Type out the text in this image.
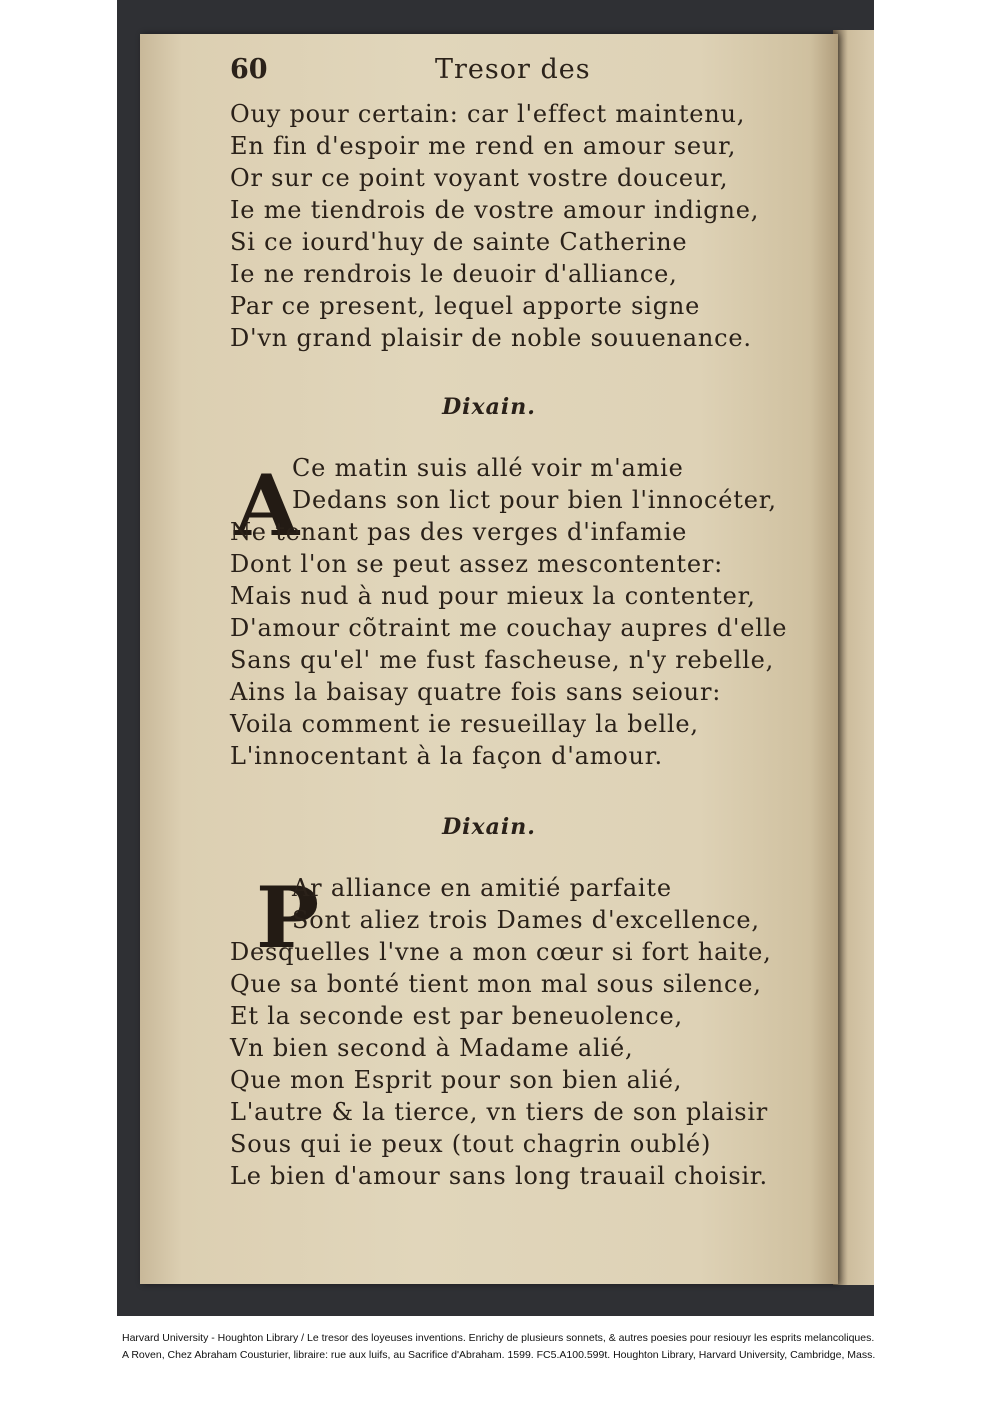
60	Tresor des
Ouy pour certain: car l'effect maintenu,
En fin d'espoir me rend en amour seur,
Or sur ce point voyant vostre douceur,
Ie me tiendrois de vostre amour indigne,
Si ce iourd'huy de sainte Catherine
Ie ne rendrois le deuoir d'alliance,
Par ce present, lequel apporte signe
D'vn grand plaisir de noble souuenance.
Dixain.
A
Ce matin suis allé voir m'amie
Dedans son lict pour bien l'innocéter,
Ne tenant pas des verges d'infamie
Dont l'on se peut assez mescontenter:
Mais nud à nud pour mieux la contenter,
D'amour cõtraint me couchay aupres d'elle
Sans qu'el' me fust fascheuse, n'y rebelle,
Ains la baisay quatre fois sans seiour:
Voila comment ie resueillay la belle,
L'innocentant à la façon d'amour.
Dixain.
P
Ar alliance en amitié parfaite
Sont aliez trois Dames d'excellence,
Desquelles l'vne a mon cœur si fort haite,
Que sa bonté tient mon mal sous silence,
Et la seconde est par beneuolence,
Vn bien second à Madame alié,
Que mon Esprit pour son bien alié,
L'autre & la tierce, vn tiers de son plaisir
Sous qui ie peux (tout chagrin oublé)
Le bien d'amour sans long trauail choisir.
Harvard University - Houghton Library / Le tresor des loyeuses inventions. Enrichy de plusieurs sonnets, & autres poesies pour resiouyr les esprits melancoliques.
A Roven, Chez Abraham Cousturier, libraire: rue aux luifs, au Sacrifice d'Abraham. 1599. FC5.A100.599t. Houghton Library, Harvard University, Cambridge, Mass.
